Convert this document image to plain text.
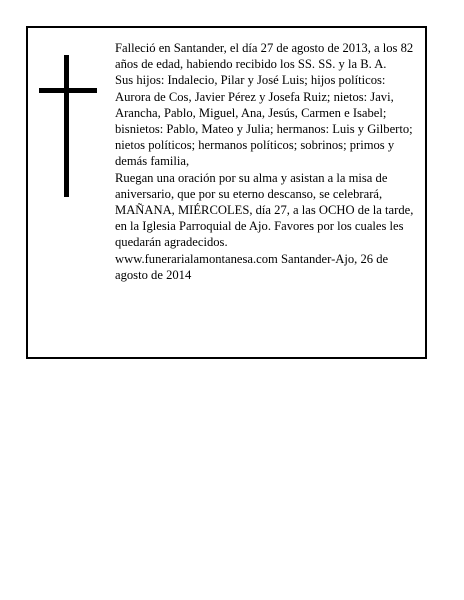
Falleció en Santander, el día 27 de agosto de 2013, a los 82 años de edad, habiendo recibido los SS. SS. y la B. A.

Sus hijos: Indalecio, Pilar y José Luis; hijos políticos: Aurora de Cos, Javier Pérez y Josefa Ruiz; nietos: Javi, Arancha, Pablo, Miguel, Ana, Jesús, Carmen e Isabel; bisnietos: Pablo, Mateo y Julia; hermanos: Luis y Gilberto; nietos políticos; hermanos políticos; sobrinos; primos y demás familia,

Ruegan una oración por su alma y asistan a la misa de aniversario, que por su eterno descanso, se celebrará, MAÑANA, MIÉRCOLES, día 27, a las OCHO de la tarde, en la Iglesia Parroquial de Ajo. Favores por los cuales les quedarán agradecidos.

www.funerarialamontanesa.com Santander-Ajo, 26 de agosto de 2014
